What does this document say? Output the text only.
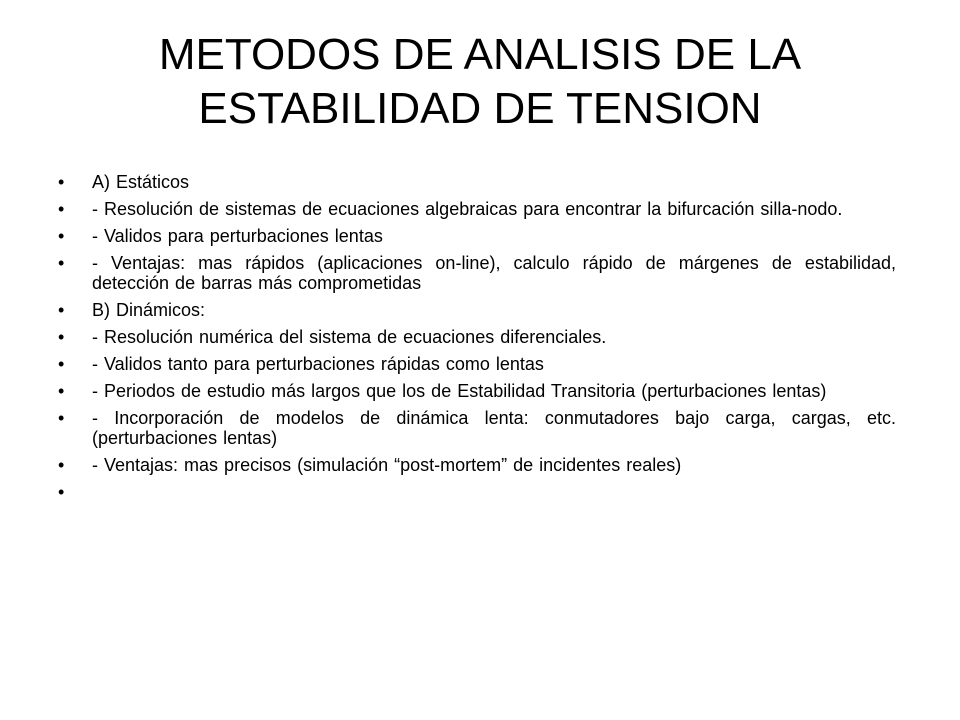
METODOS DE ANALISIS DE LA
ESTABILIDAD DE TENSION
•	A) Estáticos
•	- Resolución de sistemas de ecuaciones algebraicas para encontrar la bifurcación silla-nodo.
•	- Validos para perturbaciones lentas
•	- Ventajas: mas rápidos (aplicaciones on-line), calculo rápido de márgenes de estabilidad, detección de barras más comprometidas
•	B) Dinámicos:
•	- Resolución numérica del sistema de ecuaciones diferenciales.
•	- Validos tanto para perturbaciones rápidas como lentas
•	- Periodos de estudio más largos que los de Estabilidad Transitoria (perturbaciones lentas)
•	- Incorporación de modelos de dinámica lenta: conmutadores bajo carga, cargas, etc. (perturbaciones lentas)
•	- Ventajas: mas precisos (simulación “post-mortem” de incidentes reales)
•
